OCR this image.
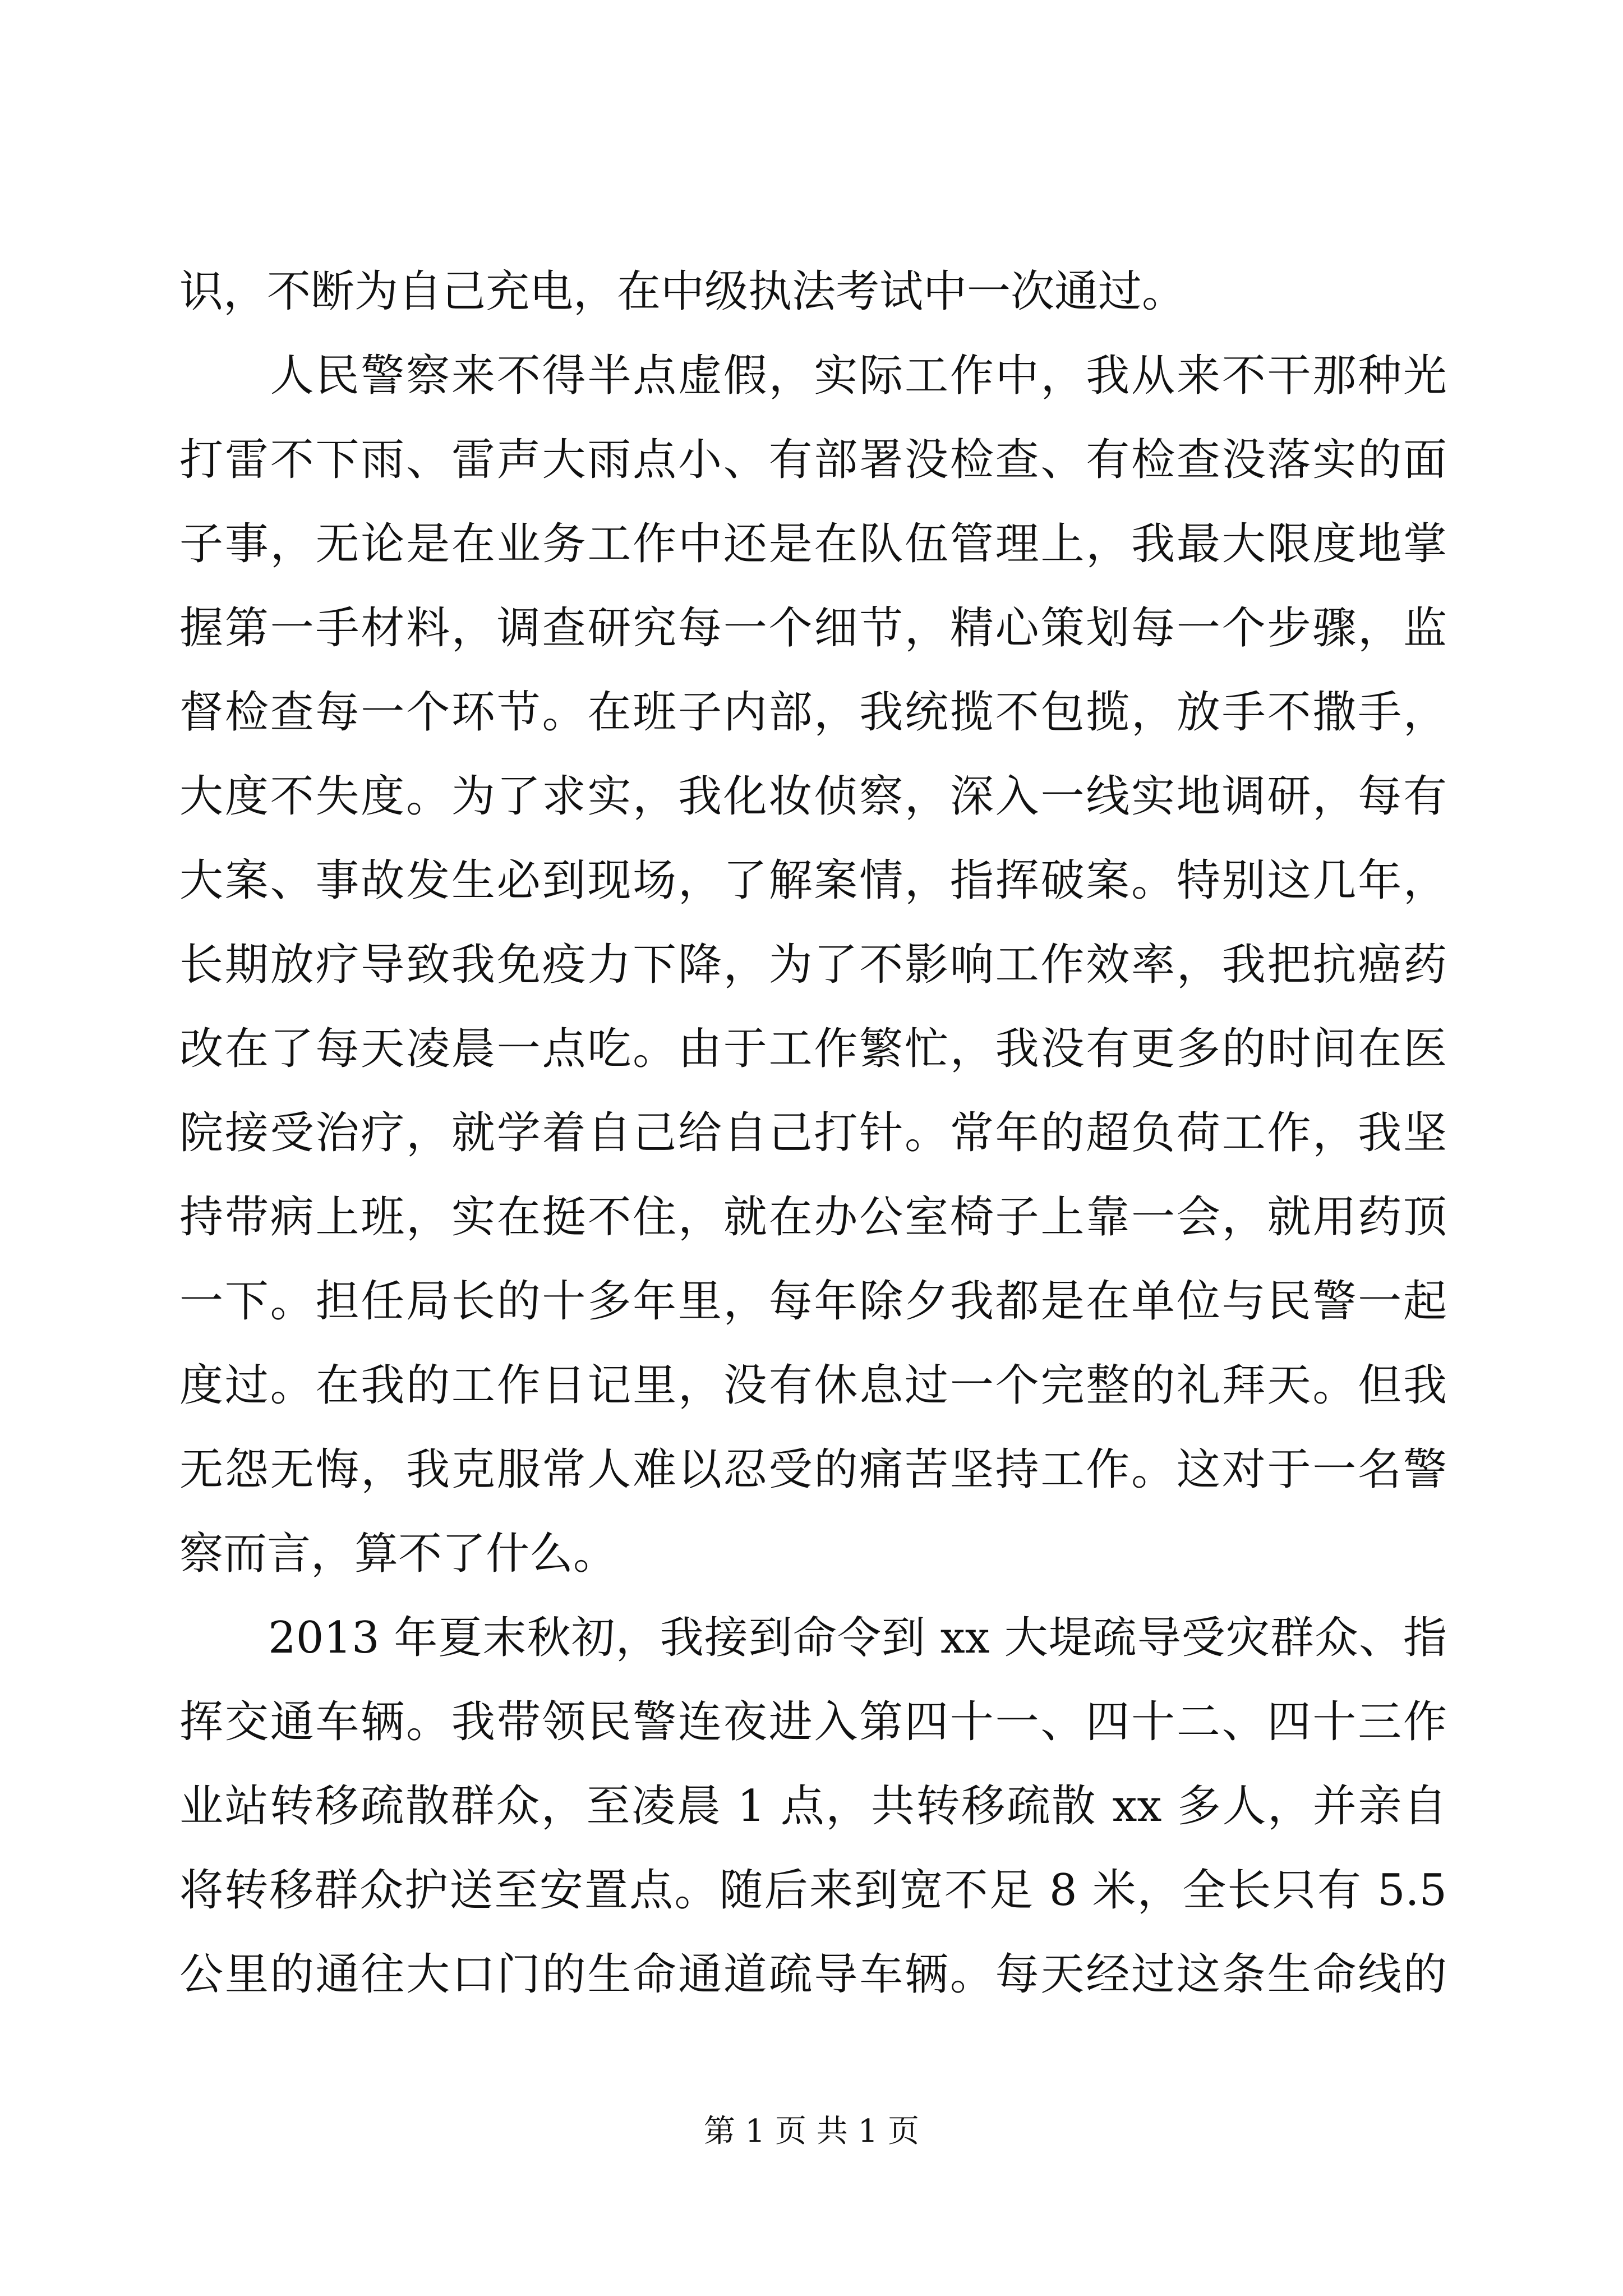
识，不断为自己充电，在中级执法考试中一次通过。
　　人民警察来不得半点虚假，实际工作中，我从来不干那种光
打雷不下雨、雷声大雨点小、有部署没检查、有检查没落实的面
子事，无论是在业务工作中还是在队伍管理上，我最大限度地掌
握第一手材料，调查研究每一个细节，精心策划每一个步骤，监
督检查每一个环节。在班子内部，我统揽不包揽，放手不撒手，
大度不失度。为了求实，我化妆侦察，深入一线实地调研，每有
大案、事故发生必到现场，了解案情，指挥破案。特别这几年，
长期放疗导致我免疫力下降，为了不影响工作效率，我把抗癌药
改在了每天凌晨一点吃。由于工作繁忙，我没有更多的时间在医
院接受治疗，就学着自己给自己打针。常年的超负荷工作，我坚
持带病上班，实在挺不住，就在办公室椅子上靠一会，就用药顶
一下。担任局长的十多年里，每年除夕我都是在单位与民警一起
度过。在我的工作日记里，没有休息过一个完整的礼拜天。但我
无怨无悔，我克服常人难以忍受的痛苦坚持工作。这对于一名警
察而言，算不了什么。
　　2013 年夏末秋初，我接到命令到 xx 大堤疏导受灾群众、指
挥交通车辆。我带领民警连夜进入第四十一、四十二、四十三作
业站转移疏散群众，至凌晨 1 点，共转移疏散 xx 多人，并亲自
将转移群众护送至安置点。随后来到宽不足 8 米，全长只有 5.5
公里的通往大口门的生命通道疏导车辆。每天经过这条生命线的
第 1 页 共 1 页
